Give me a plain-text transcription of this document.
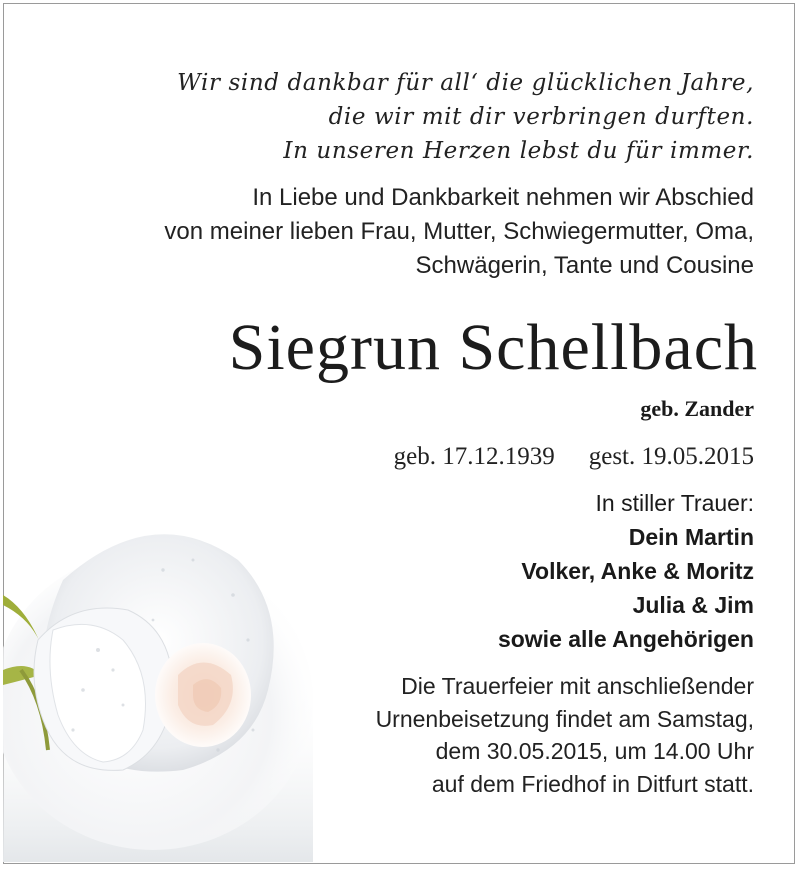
Wir sind dankbar für all‘ die glücklichen Jahre,
die wir mit dir verbringen durften.
In unseren Herzen lebst du für immer.
In Liebe und Dankbarkeit nehmen wir Abschied
von meiner lieben Frau, Mutter, Schwiegermutter, Oma,
Schwägerin, Tante und Cousine
Siegrun Schellbach
geb. Zander
geb. 17.12.1939 gest. 19.05.2015
In stiller Trauer:
Dein Martin
Volker, Anke & Moritz
Julia & Jim
sowie alle Angehörigen
Die Trauerfeier mit anschließender
Urnenbeisetzung findet am Samstag,
dem 30.05.2015, um 14.00 Uhr
auf dem Friedhof in Ditfurt statt.
